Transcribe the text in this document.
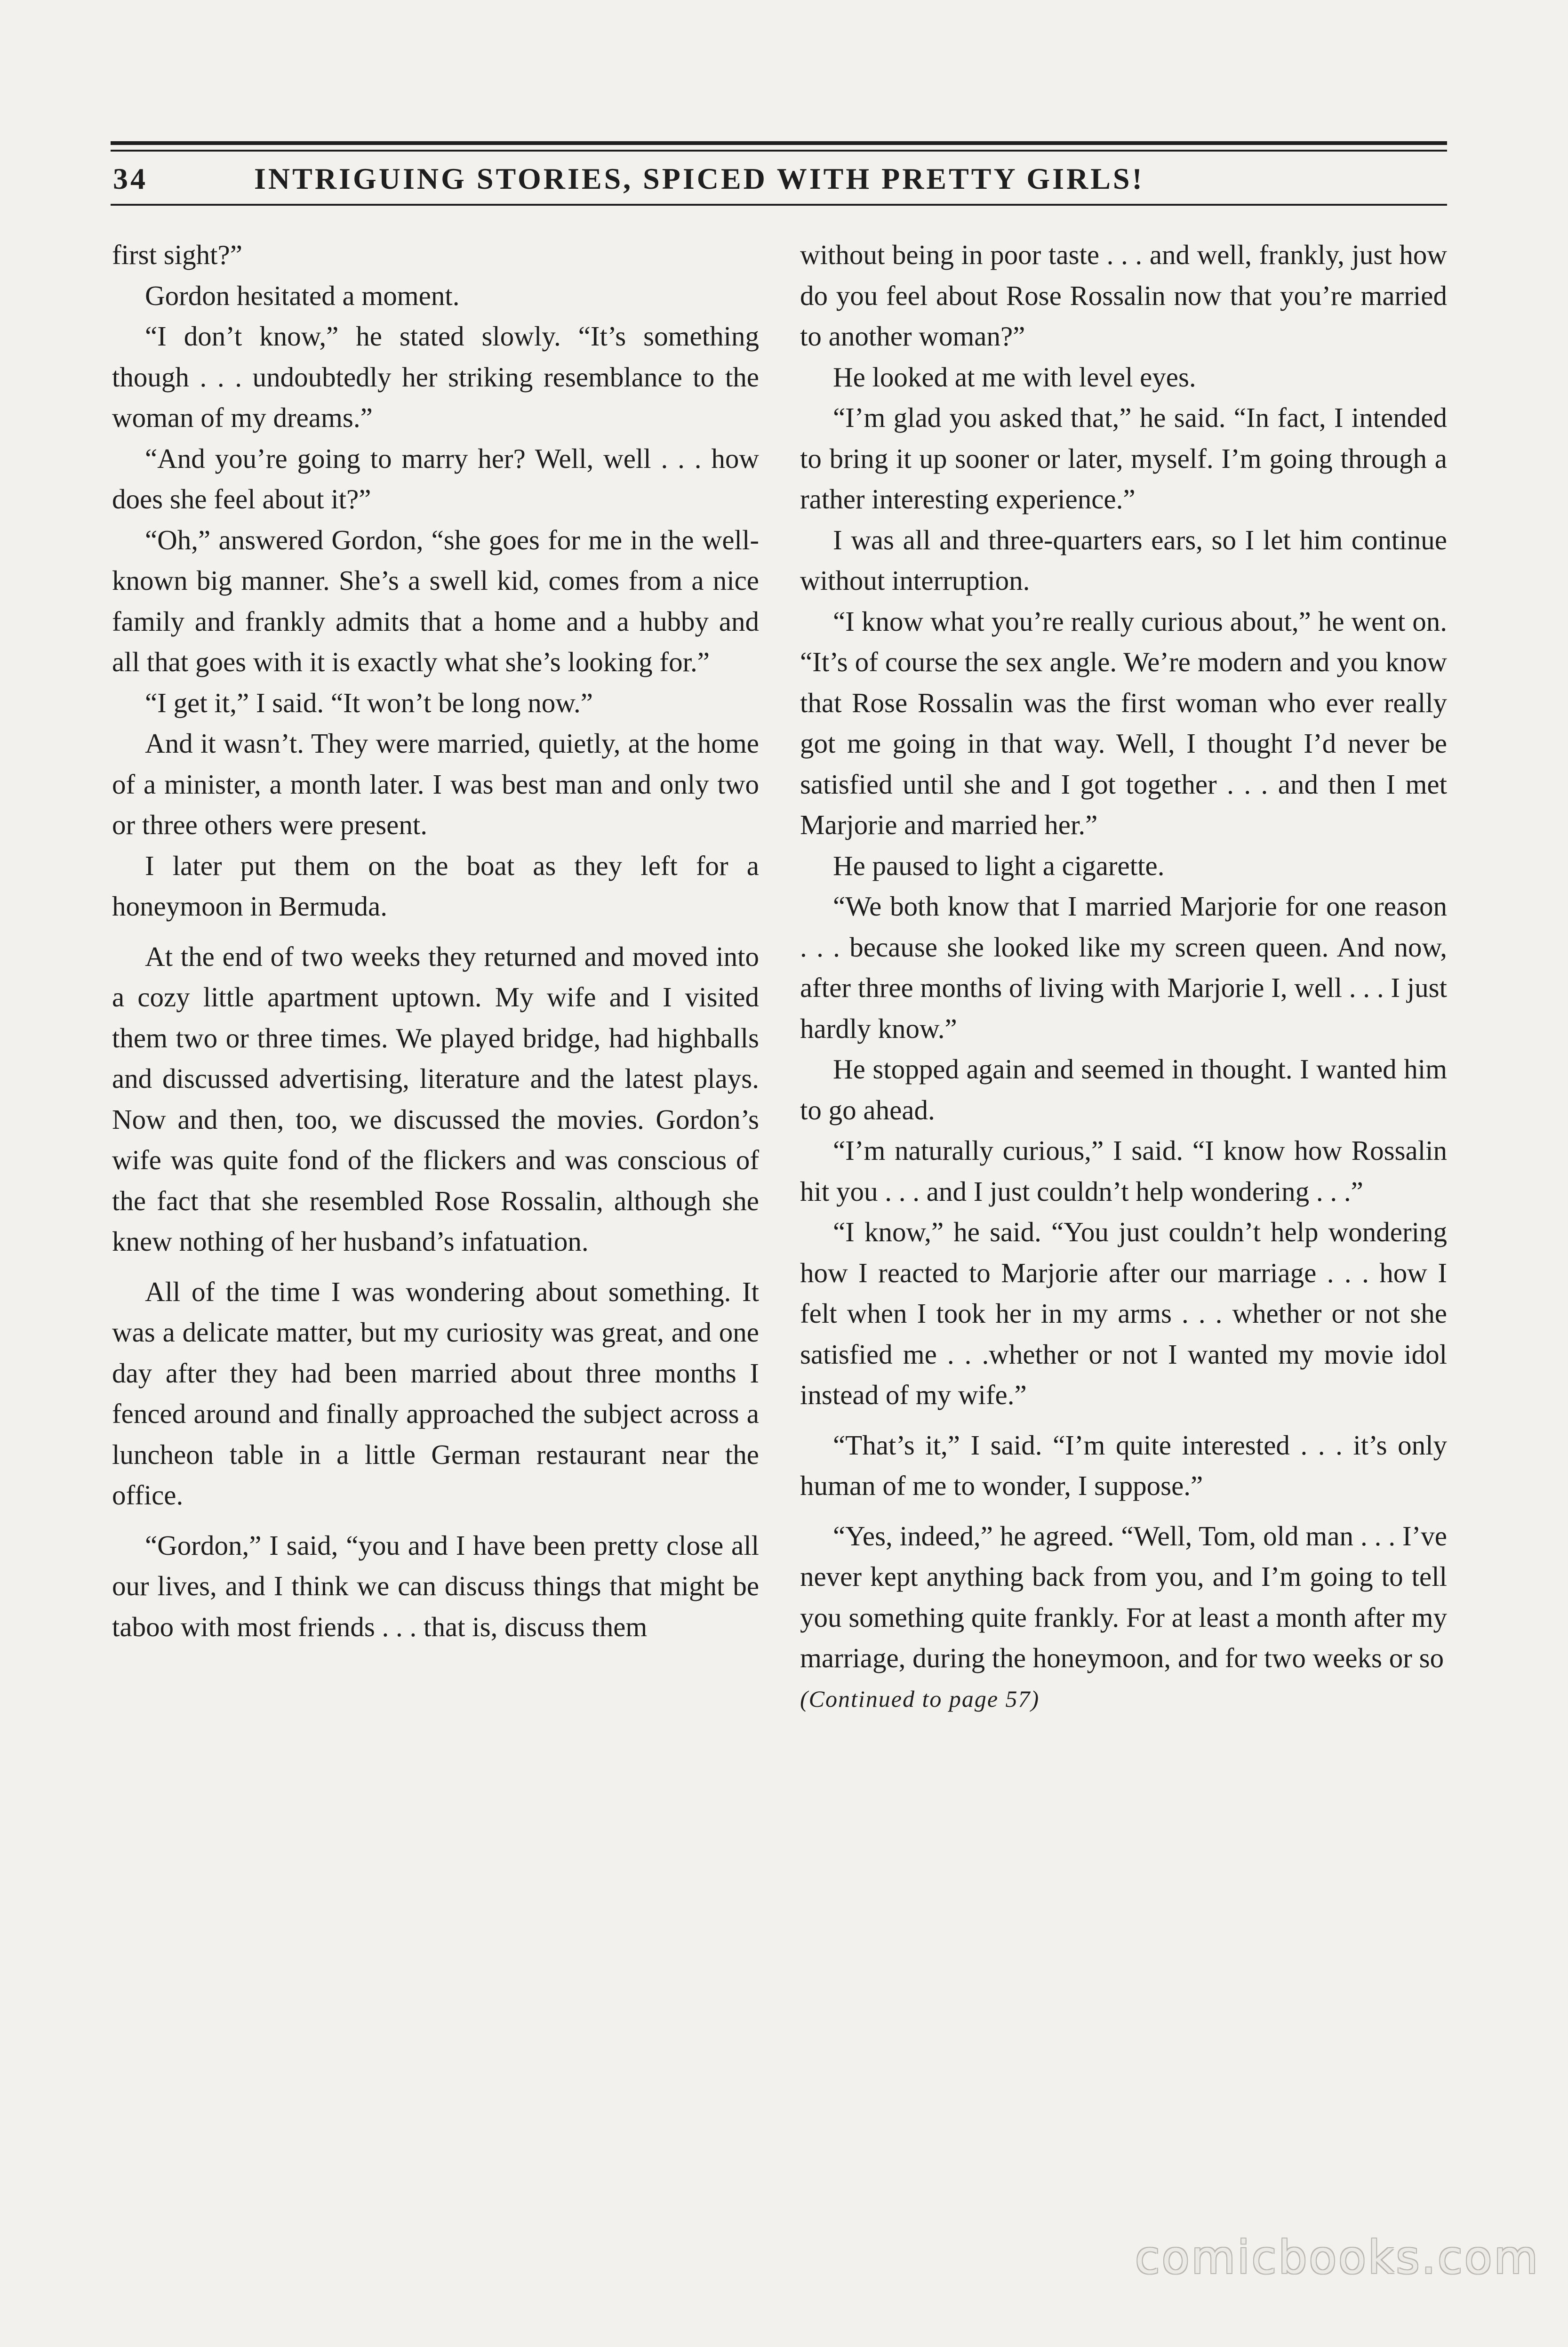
34	INTRIGUING STORIES, SPICED WITH PRETTY GIRLS!

first sight?”

Gordon hesitated a moment.

“I don’t know,” he stated slowly. “It’s something though . . . undoubtedly her striking resemblance to the woman of my dreams.”

“And you’re going to marry her? Well, well . . . how does she feel about it?”

“Oh,” answered Gordon, “she goes for me in the well-known big manner. She’s a swell kid, comes from a nice family and frankly admits that a home and a hubby and all that goes with it is exactly what she’s looking for.”

“I get it,” I said. “It won’t be long now.”

And it wasn’t. They were married, quietly, at the home of a minister, a month later. I was best man and only two or three others were present.

I later put them on the boat as they left for a honeymoon in Bermuda.

At the end of two weeks they returned and moved into a cozy little apartment uptown. My wife and I visited them two or three times. We played bridge, had highballs and discussed advertising, literature and the latest plays. Now and then, too, we discussed the movies. Gordon’s wife was quite fond of the flickers and was conscious of the fact that she resembled Rose Rossalin, although she knew nothing of her husband’s infatuation.

All of the time I was wondering about something. It was a delicate matter, but my curiosity was great, and one day after they had been married about three months I fenced around and finally approached the subject across a luncheon table in a little German restaurant near the office.

“Gordon,” I said, “you and I have been pretty close all our lives, and I think we can discuss things that might be taboo with most friends . . . that is, discuss them

without being in poor taste . . . and well, frankly, just how do you feel about Rose Rossalin now that you’re married to another woman?”

He looked at me with level eyes.

“I’m glad you asked that,” he said. “In fact, I intended to bring it up sooner or later, myself. I’m going through a rather interesting experience.”

I was all and three-quarters ears, so I let him continue without interruption.

“I know what you’re really curious about,” he went on. “It’s of course the sex angle. We’re modern and you know that Rose Rossalin was the first woman who ever really got me going in that way. Well, I thought I’d never be satisfied until she and I got together . . . and then I met Marjorie and married her.”

He paused to light a cigarette.

“We both know that I married Marjorie for one reason . . . because she looked like my screen queen. And now, after three months of living with Marjorie I, well . . . I just hardly know.”

He stopped again and seemed in thought. I wanted him to go ahead.

“I’m naturally curious,” I said. “I know how Rossalin hit you . . . and I just couldn’t help wondering . . .”

“I know,” he said. “You just couldn’t help wondering how I reacted to Marjorie after our marriage . . . how I felt when I took her in my arms . . . whether or not she satisfied me . . .whether or not I wanted my movie idol instead of my wife.”

“That’s it,” I said. “I’m quite interested . . . it’s only human of me to wonder, I suppose.”

“Yes, indeed,” he agreed. “Well, Tom, old man . . . I’ve never kept anything back from you, and I’m going to tell you something quite frankly. For at least a month after my marriage, during the honeymoon, and for two weeks or so

(Continued to page 57)

comicbooks.com
